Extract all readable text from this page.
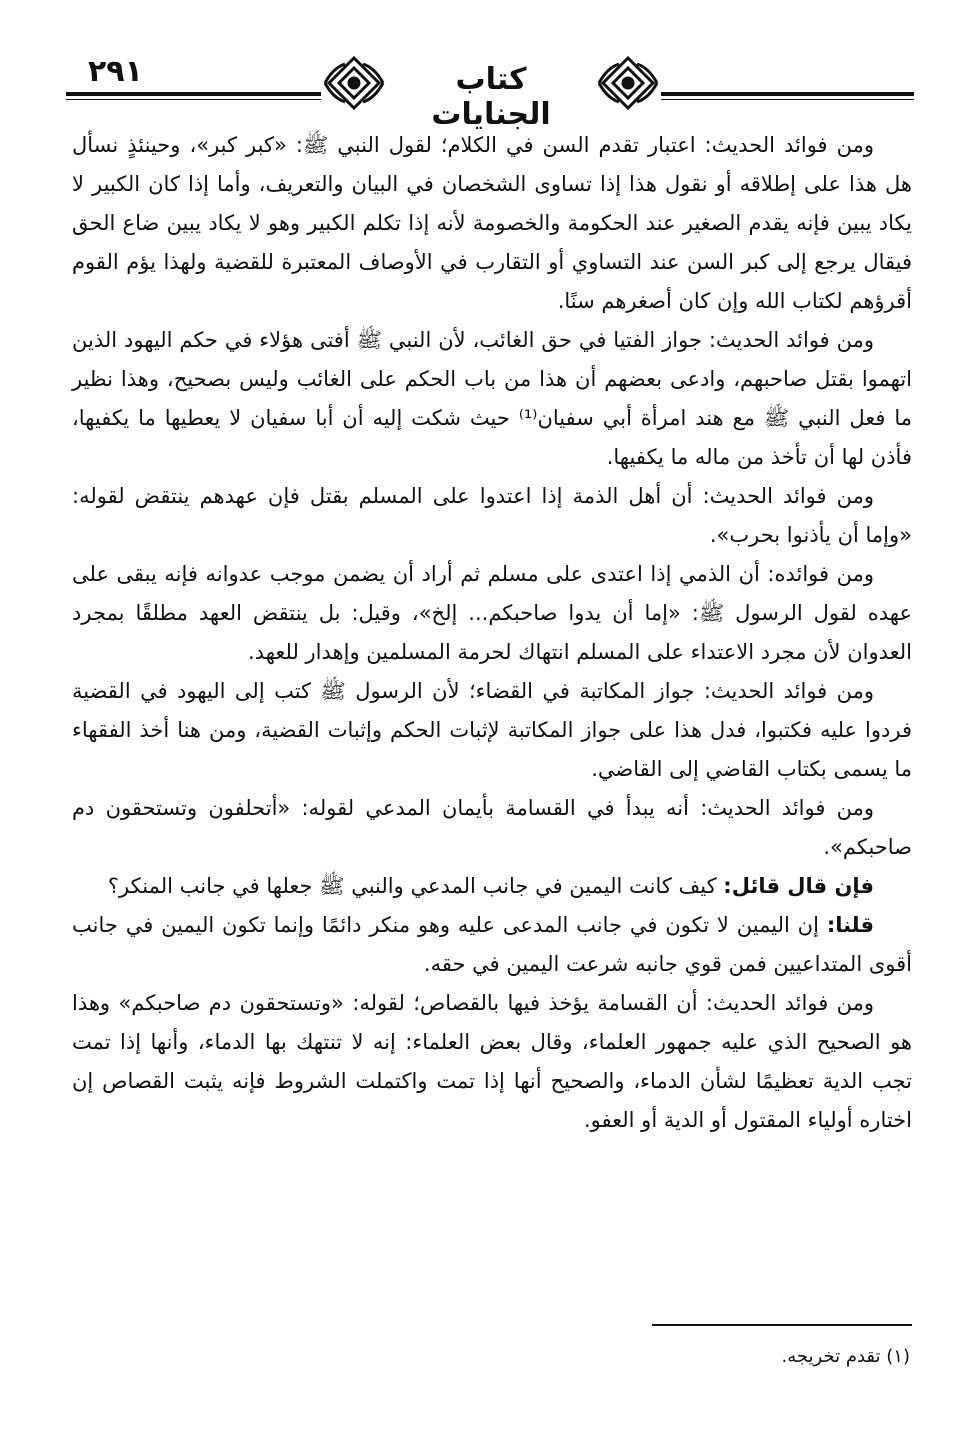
٢٩١	كتاب الجنايات

ومن فوائد الحديث: اعتبار تقدم السن في الكلام؛ لقول النبي ﷺ: «كبر كبر»، وحينئذٍ نسأل هل هذا على إطلاقه أو نقول هذا إذا تساوى الشخصان في البيان والتعريف، وأما إذا كان الكبير لا يكاد يبين فإنه يقدم الصغير عند الحكومة والخصومة لأنه إذا تكلم الكبير وهو لا يكاد يبين ضاع الحق فيقال يرجع إلى كبر السن عند التساوي أو التقارب في الأوصاف المعتبرة للقضية ولهذا يؤم القوم أقرؤهم لكتاب الله وإن كان أصغرهم سنًا.

ومن فوائد الحديث: جواز الفتيا في حق الغائب، لأن النبي ﷺ أفتى هؤلاء في حكم اليهود الذين اتهموا بقتل صاحبهم، وادعى بعضهم أن هذا من باب الحكم على الغائب وليس بصحيح، وهذا نظير ما فعل النبي ﷺ مع هند امرأة أبي سفيان⁽¹⁾ حيث شكت إليه أن أبا سفيان لا يعطيها ما يكفيها، فأذن لها أن تأخذ من ماله ما يكفيها.

ومن فوائد الحديث: أن أهل الذمة إذا اعتدوا على المسلم بقتل فإن عهدهم ينتقض لقوله: «وإما أن يأذنوا بحرب».

ومن فوائده: أن الذمي إذا اعتدى على مسلم ثم أراد أن يضمن موجب عدوانه فإنه يبقى على عهده لقول الرسول ﷺ: «إما أن يدوا صاحبكم... إلخ»، وقيل: بل ينتقض العهد مطلقًا بمجرد العدوان لأن مجرد الاعتداء على المسلم انتهاك لحرمة المسلمين وإهدار للعهد.

ومن فوائد الحديث: جواز المكاتبة في القضاء؛ لأن الرسول ﷺ كتب إلى اليهود في القضية فردوا عليه فكتبوا، فدل هذا على جواز المكاتبة لإثبات الحكم وإثبات القضية، ومن هنا أخذ الفقهاء ما يسمى بكتاب القاضي إلى القاضي.

ومن فوائد الحديث: أنه يبدأ في القسامة بأيمان المدعي لقوله: «أتحلفون وتستحقون دم صاحبكم».

فإن قال قائل: كيف كانت اليمين في جانب المدعي والنبي ﷺ جعلها في جانب المنكر؟

قلنا: إن اليمين لا تكون في جانب المدعى عليه وهو منكر دائمًا وإنما تكون اليمين في جانب أقوى المتداعيين فمن قوي جانبه شرعت اليمين في حقه.

ومن فوائد الحديث: أن القسامة يؤخذ فيها بالقصاص؛ لقوله: «وتستحقون دم صاحبكم» وهذا هو الصحيح الذي عليه جمهور العلماء، وقال بعض العلماء: إنه لا تنتهك بها الدماء، وأنها إذا تمت تجب الدية تعظيمًا لشأن الدماء، والصحيح أنها إذا تمت واكتملت الشروط فإنه يثبت القصاص إن اختاره أولياء المقتول أو الدية أو العفو.

(١) تقدم تخريجه.
